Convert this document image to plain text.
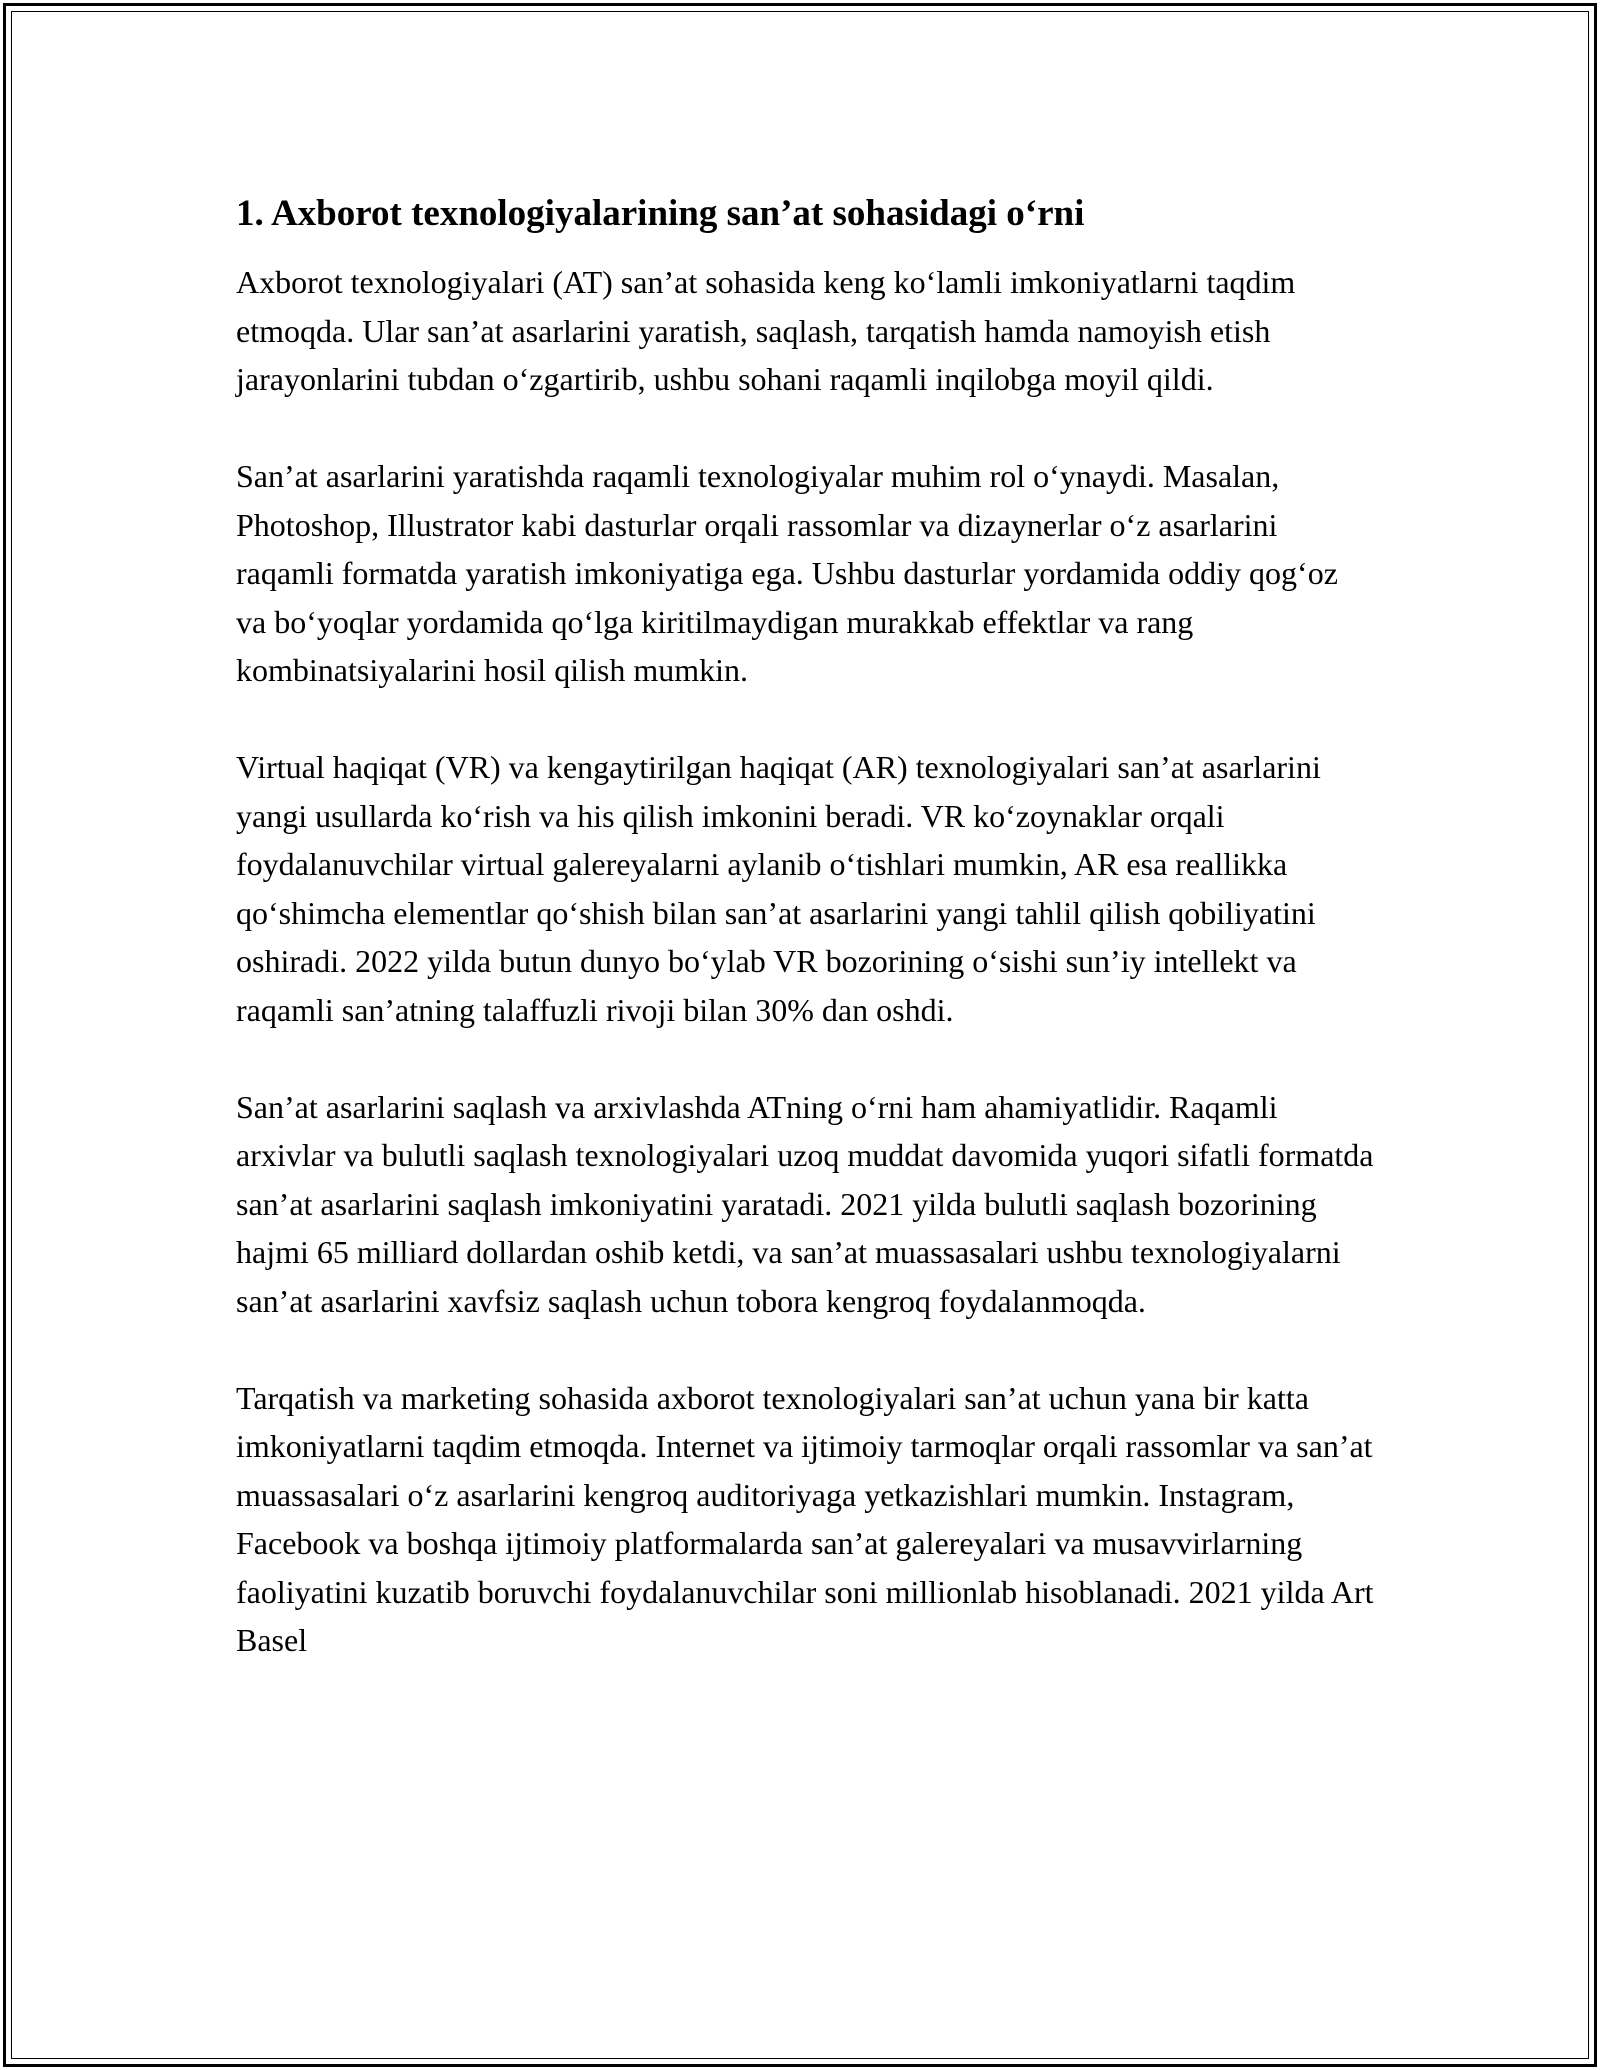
1. Axborot texnologiyalarining san’at sohasidagi o‘rni

Axborot texnologiyalari (AT) san’at sohasida keng ko‘lamli imkoniyatlarni taqdim etmoqda. Ular san’at asarlarini yaratish, saqlash, tarqatish hamda namoyish etish jarayonlarini tubdan o‘zgartirib, ushbu sohani raqamli inqilobga moyil qildi.

San’at asarlarini yaratishda raqamli texnologiyalar muhim rol o‘ynaydi. Masalan, Photoshop, Illustrator kabi dasturlar orqali rassomlar va dizaynerlar o‘z asarlarini raqamli formatda yaratish imkoniyatiga ega. Ushbu dasturlar yordamida oddiy qog‘oz va bo‘yoqlar yordamida qo‘lga kiritilmaydigan murakkab effektlar va rang kombinatsiyalarini hosil qilish mumkin.

Virtual haqiqat (VR) va kengaytirilgan haqiqat (AR) texnologiyalari san’at asarlarini yangi usullarda ko‘rish va his qilish imkonini beradi. VR ko‘zoynaklar orqali foydalanuvchilar virtual galereyalarni aylanib o‘tishlari mumkin, AR esa reallikka qo‘shimcha elementlar qo‘shish bilan san’at asarlarini yangi tahlil qilish qobiliyatini oshiradi. 2022 yilda butun dunyo bo‘ylab VR bozorining o‘sishi sun’iy intellekt va raqamli san’atning talaffuzli rivoji bilan 30% dan oshdi.

San’at asarlarini saqlash va arxivlashda ATning o‘rni ham ahamiyatlidir. Raqamli arxivlar va bulutli saqlash texnologiyalari uzoq muddat davomida yuqori sifatli formatda san’at asarlarini saqlash imkoniyatini yaratadi. 2021 yilda bulutli saqlash bozorining hajmi 65 milliard dollardan oshib ketdi, va san’at muassasalari ushbu texnologiyalarni san’at asarlarini xavfsiz saqlash uchun tobora kengroq foydalanmoqda.

Tarqatish va marketing sohasida axborot texnologiyalari san’at uchun yana bir katta imkoniyatlarni taqdim etmoqda. Internet va ijtimoiy tarmoqlar orqali rassomlar va san’at muassasalari o‘z asarlarini kengroq auditoriyaga yetkazishlari mumkin. Instagram, Facebook va boshqa ijtimoiy platformalarda san’at galereyalari va musavvirlarning faoliyatini kuzatib boruvchi foydalanuvchilar soni millionlab hisoblanadi. 2021 yilda Art Basel
